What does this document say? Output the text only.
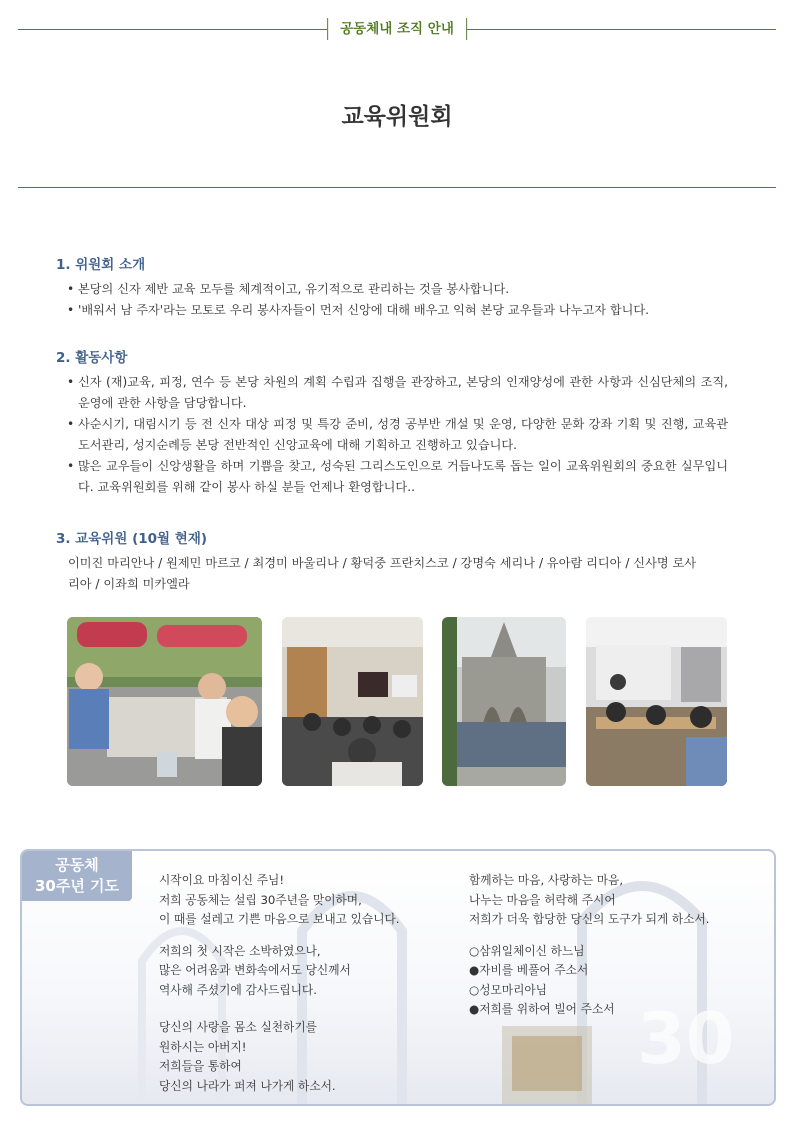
공동체내 조직 안내
교육위원회
1. 위원회 소개
• 본당의 신자 제반 교육 모두를 체계적이고, 유기적으로 관리하는 것을 봉사합니다.
• '배워서 남 주자'라는 모토로 우리 봉사자들이 먼저 신앙에 대해 배우고 익혀 본당 교우들과 나누고자 합니다.
2. 활동사항
• 신자 (재)교육, 피정, 연수 등 본당 차원의 계획 수립과 집행을 관장하고, 본당의 인재양성에 관한 사항과 신심단체의 조직, 운영에 관한 사항을 담당합니다.
• 사순시기, 대림시기 등 전 신자 대상 피정 및 특강 준비, 성경 공부반 개설 및 운영, 다양한 문화 강좌 기획 및 진행, 교육관 도서관리, 성지순례등 본당 전반적인 신앙교육에 대해 기획하고 진행하고 있습니다.
• 많은 교우들이 신앙생활을 하며 기쁨을 찾고, 성숙된 그리스도인으로 거듭나도록 돕는 일이 교육위원회의 중요한 실무입니다. 교육위원회를 위해 같이 봉사 하실 분들 언제나 환영합니다..
3. 교육위원 (10월 현재)
이미진 마리안나 / 원제민 마르코 / 최경미 바울리나 / 황덕중 프란치스코 / 강명숙 세리나 / 유아람 리디아 / 신사명 로사리아 / 이좌희 미카엘라
30
공동체
30주년 기도	시작이요 마침이신 주님!
저희 공동체는 설립 30주년을 맞이하며,
이 때를 설레고 기쁜 마음으로 보내고 있습니다.
저희의 첫 시작은 소박하였으나,
많은 어려움과 변화속에서도 당신께서
역사해 주셨기에 감사드립니다.
당신의 사랑을 몸소 실천하기를
원하시는 아버지!
저희들을 통하여
당신의 나라가 퍼져 나가게 하소서.
함께하는 마음, 사랑하는 마음,
나누는 마음을 허락해 주시어
저희가 더욱 합당한 당신의 도구가 되게 하소서.
○삼위일체이신 하느님
●자비를 베풀어 주소서
○성모마리아님
●저희를 위하여 빌어 주소서
